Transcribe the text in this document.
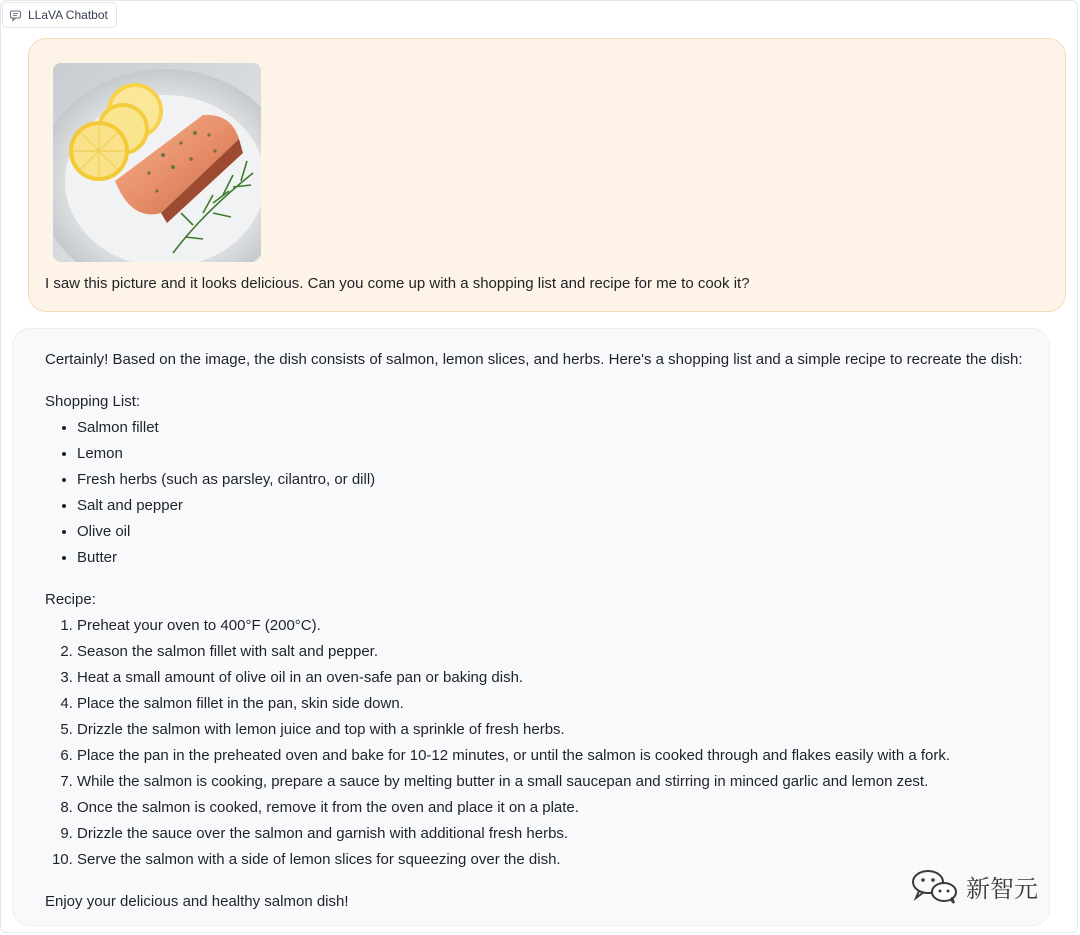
LLaVA Chatbot
I saw this picture and it looks delicious. Can you come up with a shopping list and recipe for me to cook it?

Certainly! Based on the image, the dish consists of salmon, lemon slices, and herbs. Here's a shopping list and a simple recipe to recreate the dish:

Shopping List:

• Salmon fillet
• Lemon
• Fresh herbs (such as parsley, cilantro, or dill)
• Salt and pepper
• Olive oil
• Butter

Recipe:

1. Preheat your oven to 400°F (200°C).
2. Season the salmon fillet with salt and pepper.
3. Heat a small amount of olive oil in an oven-safe pan or baking dish.
4. Place the salmon fillet in the pan, skin side down.
5. Drizzle the salmon with lemon juice and top with a sprinkle of fresh herbs.
6. Place the pan in the preheated oven and bake for 10-12 minutes, or until the salmon is cooked through and flakes easily with a fork.
7. While the salmon is cooking, prepare a sauce by melting butter in a small saucepan and stirring in minced garlic and lemon zest.
8. Once the salmon is cooked, remove it from the oven and place it on a plate.
9. Drizzle the sauce over the salmon and garnish with additional fresh herbs.
10. Serve the salmon with a side of lemon slices for squeezing over the dish.

Enjoy your delicious and healthy salmon dish!	新智元
